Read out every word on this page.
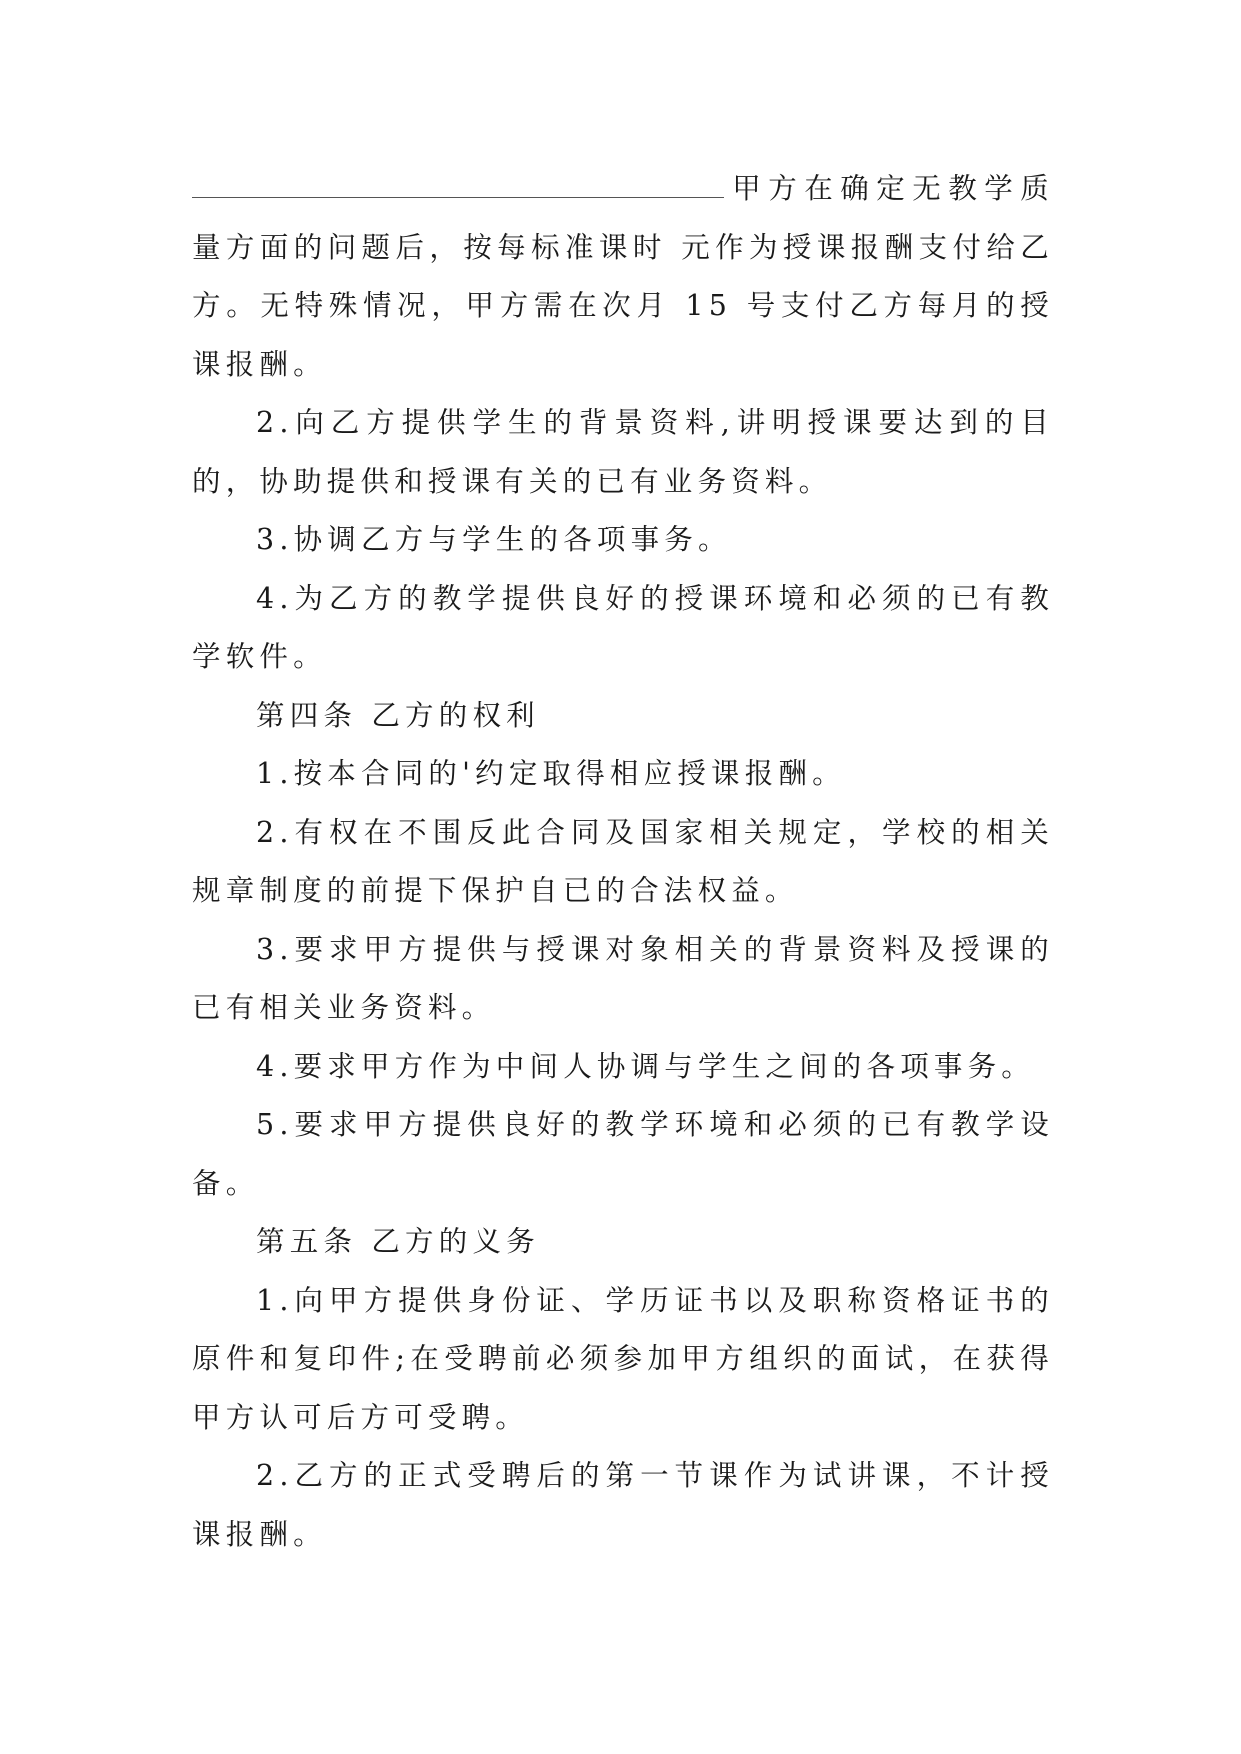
甲方在确定无教学质量方面的问题后，按每标准课时 元作为授课报酬支付给乙方。无特殊情况，甲方需在次月 15 号支付乙方每月的授课报酬。

2.向乙方提供学生的背景资料,讲明授课要达到的目的，协助提供和授课有关的已有业务资料。

3.协调乙方与学生的各项事务。

4.为乙方的教学提供良好的授课环境和必须的已有教学软件。

第四条 乙方的权利

1.按本合同的'约定取得相应授课报酬。

2.有权在不围反此合同及国家相关规定，学校的相关规章制度的前提下保护自已的合法权益。

3.要求甲方提供与授课对象相关的背景资料及授课的已有相关业务资料。

4.要求甲方作为中间人协调与学生之间的各项事务。

5.要求甲方提供良好的教学环境和必须的已有教学设备。

第五条 乙方的义务

1.向甲方提供身份证、学历证书以及职称资格证书的原件和复印件;在受聘前必须参加甲方组织的面试，在获得甲方认可后方可受聘。

2.乙方的正式受聘后的第一节课作为试讲课，不计授课报酬。
